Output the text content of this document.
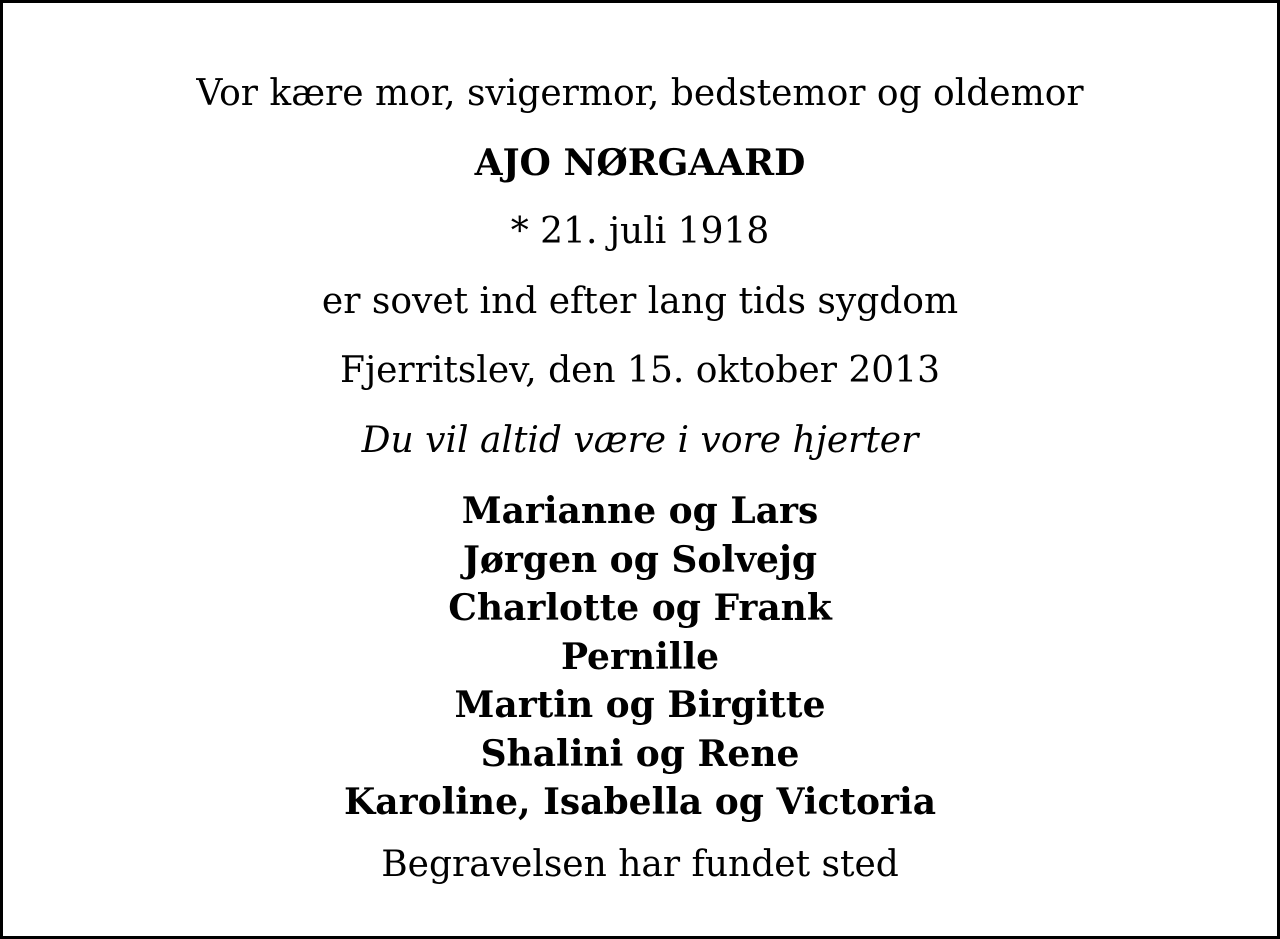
Vor kære mor, svigermor, bedstemor og oldemor
AJO NØRGAARD
* 21. juli 1918
er sovet ind efter lang tids sygdom
Fjerritslev, den 15. oktober 2013
Du vil altid være i vore hjerter
Marianne og Lars
Jørgen og Solvejg
Charlotte og Frank
Pernille
Martin og Birgitte
Shalini og Rene
Karoline, Isabella og Victoria
Begravelsen har fundet sted
